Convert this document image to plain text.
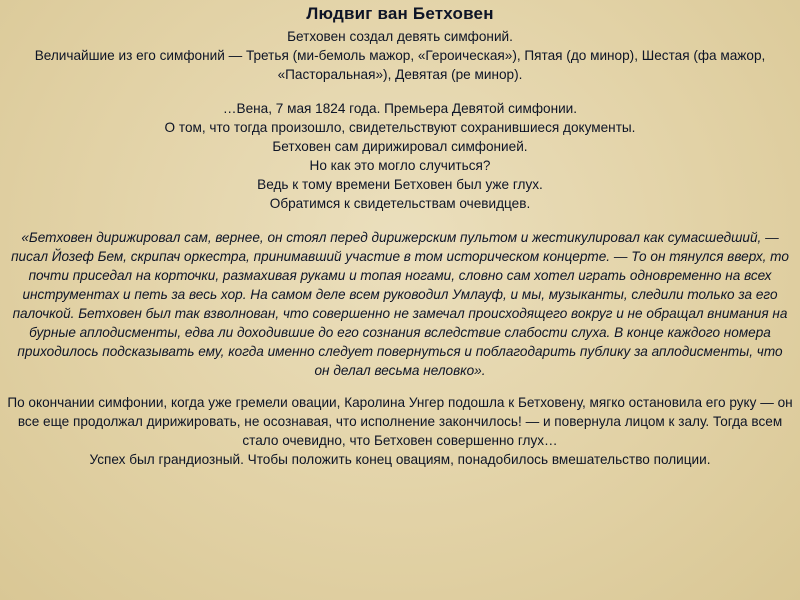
Людвиг ван Бетховен

Бетховен создал девять симфоний.

Величайшие из его симфоний — Третья (ми-бемоль мажор, «Героическая»), Пятая (до минор), Шестая (фа мажор, «Пасторальная»), Девятая (ре минор).

…Вена, 7 мая 1824 года. Премьера Девятой симфонии.

О том, что тогда произошло, свидетельствуют сохранившиеся документы.

Бетховен сам дирижировал симфонией.

Но как это могло случиться?

Ведь к тому времени Бетховен был уже глух.

Обратимся к свидетельствам очевидцев.

«Бетховен дирижировал сам, вернее, он стоял перед дирижерским пультом и жестикулировал как сумасшедший, — писал Йозеф Бем, скрипач оркестра, принимавший участие в том историческом концерте. — То он тянулся вверх, то почти приседал на корточки, размахивая руками и топая ногами, словно сам хотел играть одновременно на всех инструментах и петь за весь хор. На самом деле всем руководил Умлауф, и мы, музыканты, следили только за его палочкой. Бетховен был так взволнован, что совершенно не замечал происходящего вокруг и не обращал внимания на бурные аплодисменты, едва ли доходившие до его сознания вследствие слабости слуха. В конце каждого номера приходилось подсказывать ему, когда именно следует повернуться и поблагодарить публику за аплодисменты, что он делал весьма неловко».

По окончании симфонии, когда уже гремели овации, Каролина Унгер подошла к Бетховену, мягко остановила его руку — он все еще продолжал дирижировать, не осознавая, что исполнение закончилось! — и повернула лицом к залу. Тогда всем стало очевидно, что Бетховен совершенно глух…

Успех был грандиозный. Чтобы положить конец овациям, понадобилось вмешательство полиции.
